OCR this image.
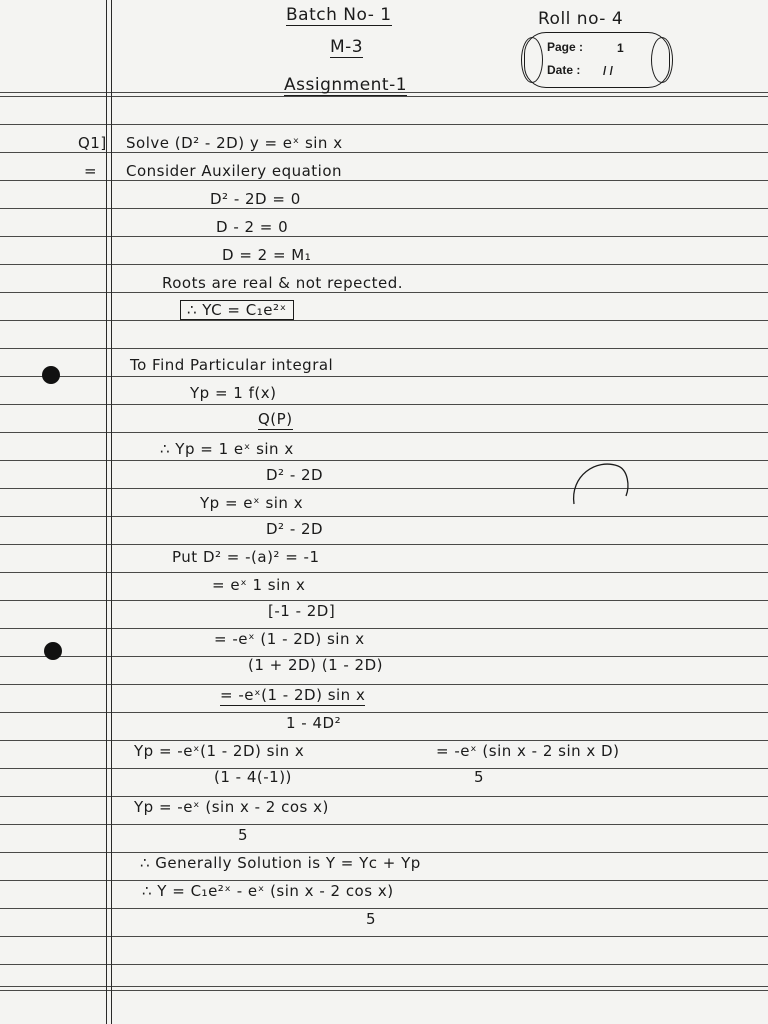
Batch No- 1
M-3
Assignment-1
Roll no- 4
Page :	1
Date : / /
Q1] Solve (D² - 2D) y = eˣ sin x
= Consider Auxilery equation
D² - 2D = 0
D - 2 = 0
D = 2 = M₁
Roots are real & not repected.
∴ YC = C₁e²ˣ
To Find Particular integral
Yp = 1 f(x)
Q(P)
∴ Yp = 1 eˣ sin x
D² - 2D
Yp = eˣ sin x
D² - 2D
Put D² = -(a)² = -1
= eˣ 1 sin x
[-1 - 2D]
= -eˣ (1 - 2D) sin x
(1 + 2D) (1 - 2D)
= -eˣ(1 - 2D) sin x
1 - 4D²
Yp = -eˣ(1 - 2D) sin x	= -eˣ (sin x - 2 sin x D)
(1 - 4(-1))	5
Yp = -eˣ (sin x - 2 cos x)
5
∴ Generally Solution is Y = Yc + Yp
∴ Y = C₁e²ˣ - eˣ (sin x - 2 cos x)
5
